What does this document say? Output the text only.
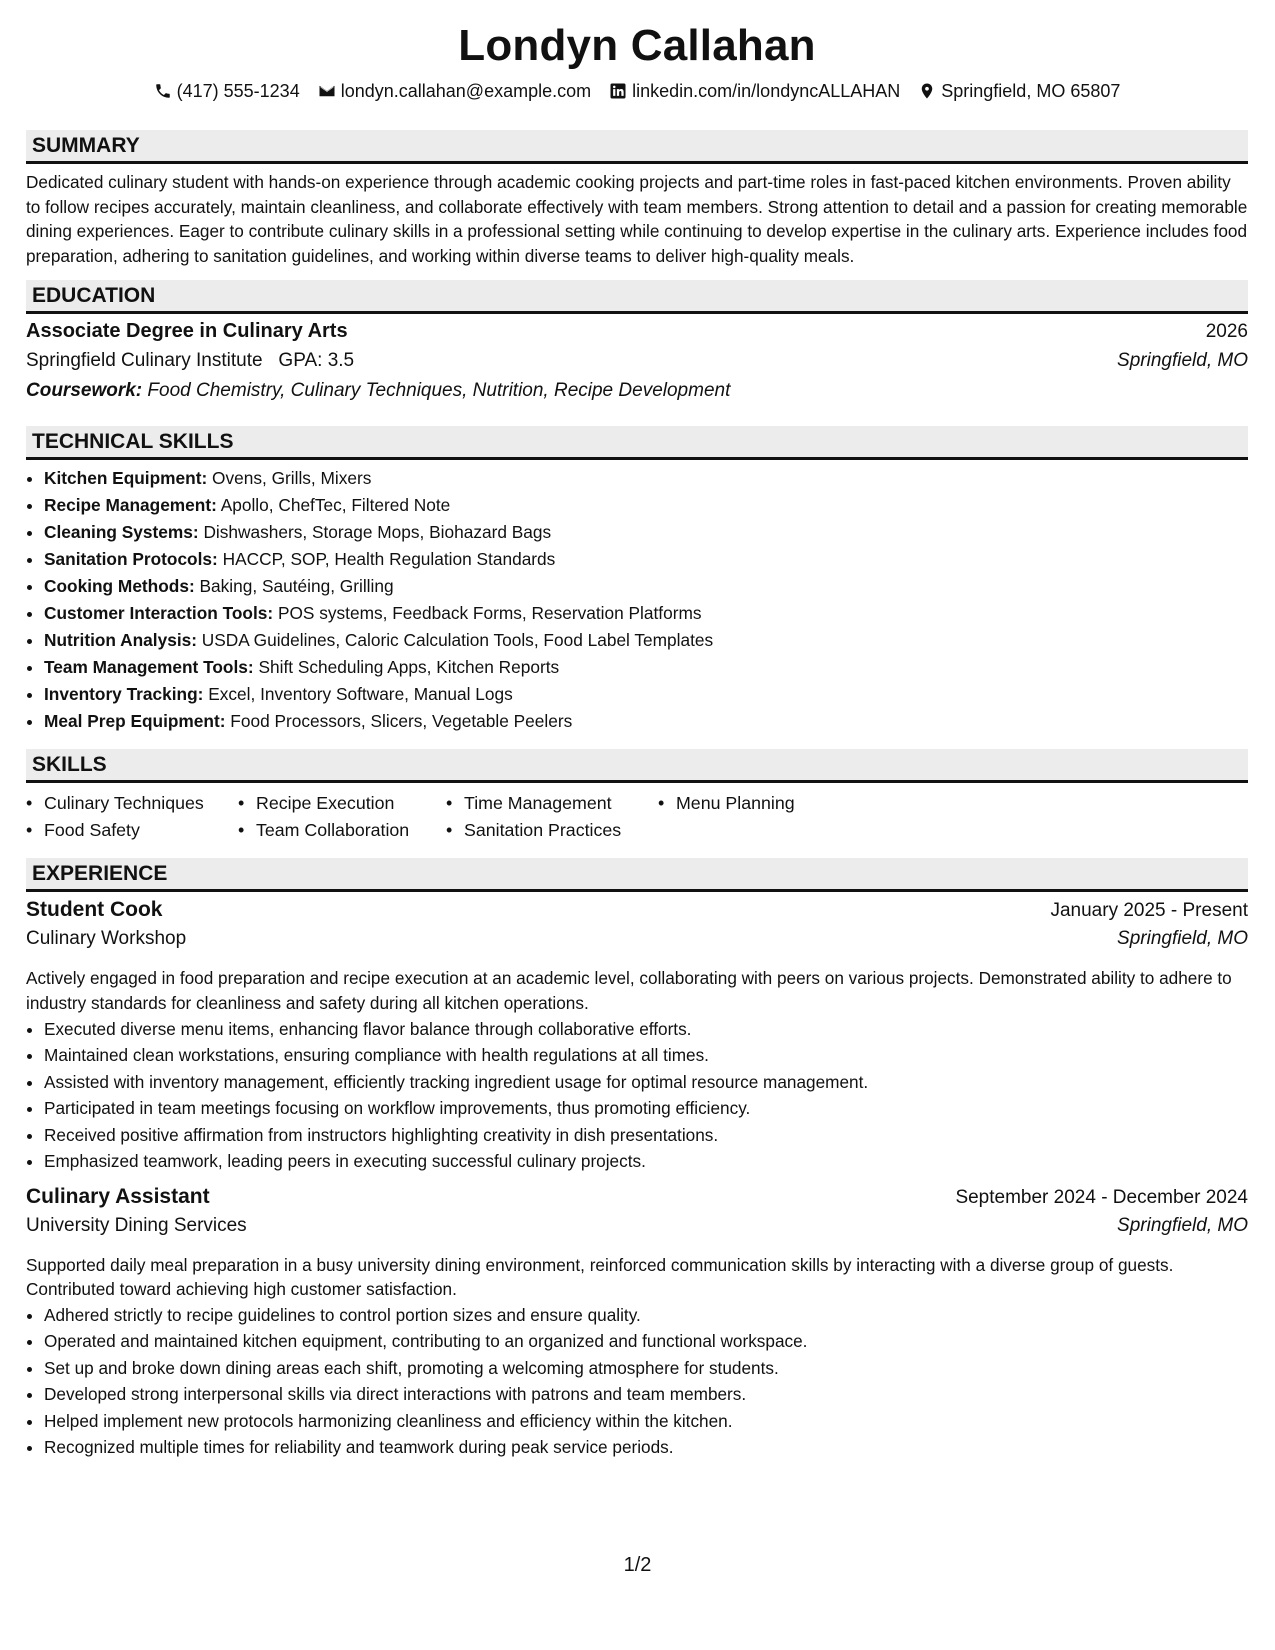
Londyn Callahan
(417) 555-1234 londyn.callahan@example.com linkedin.com/in/londyncALLAHAN Springfield, MO 65807
SUMMARY
Dedicated culinary student with hands-on experience through academic cooking projects and part-time roles in fast-paced kitchen environments. Proven ability to follow recipes accurately, maintain cleanliness, and collaborate effectively with team members. Strong attention to detail and a passion for creating memorable dining experiences. Eager to contribute culinary skills in a professional setting while continuing to develop expertise in the culinary arts. Experience includes food preparation, adhering to sanitation guidelines, and working within diverse teams to deliver high-quality meals.
EDUCATION
Associate Degree in Culinary Arts	2026
Springfield Culinary Institute GPA: 3.5	Springfield, MO
Coursework: Food Chemistry, Culinary Techniques, Nutrition, Recipe Development
TECHNICAL SKILLS
• Kitchen Equipment: Ovens, Grills, Mixers
• Recipe Management: Apollo, ChefTec, Filtered Note
• Cleaning Systems: Dishwashers, Storage Mops, Biohazard Bags
• Sanitation Protocols: HACCP, SOP, Health Regulation Standards
• Cooking Methods: Baking, Sautéing, Grilling
• Customer Interaction Tools: POS systems, Feedback Forms, Reservation Platforms
• Nutrition Analysis: USDA Guidelines, Caloric Calculation Tools, Food Label Templates
• Team Management Tools: Shift Scheduling Apps, Kitchen Reports
• Inventory Tracking: Excel, Inventory Software, Manual Logs
• Meal Prep Equipment: Food Processors, Slicers, Vegetable Peelers
SKILLS
• Culinary Techniques	• Recipe Execution	• Time Management	• Menu Planning
• Food Safety	• Team Collaboration	• Sanitation Practices
EXPERIENCE
Student Cook	January 2025 - Present
Culinary Workshop	Springfield, MO
Actively engaged in food preparation and recipe execution at an academic level, collaborating with peers on various projects. Demonstrated ability to adhere to industry standards for cleanliness and safety during all kitchen operations.
• Executed diverse menu items, enhancing flavor balance through collaborative efforts.
• Maintained clean workstations, ensuring compliance with health regulations at all times.
• Assisted with inventory management, efficiently tracking ingredient usage for optimal resource management.
• Participated in team meetings focusing on workflow improvements, thus promoting efficiency.
• Received positive affirmation from instructors highlighting creativity in dish presentations.
• Emphasized teamwork, leading peers in executing successful culinary projects.
Culinary Assistant	September 2024 - December 2024
University Dining Services	Springfield, MO
Supported daily meal preparation in a busy university dining environment, reinforced communication skills by interacting with a diverse group of guests. Contributed toward achieving high customer satisfaction.
• Adhered strictly to recipe guidelines to control portion sizes and ensure quality.
• Operated and maintained kitchen equipment, contributing to an organized and functional workspace.
• Set up and broke down dining areas each shift, promoting a welcoming atmosphere for students.
• Developed strong interpersonal skills via direct interactions with patrons and team members.
• Helped implement new protocols harmonizing cleanliness and efficiency within the kitchen.
• Recognized multiple times for reliability and teamwork during peak service periods.
1/2
